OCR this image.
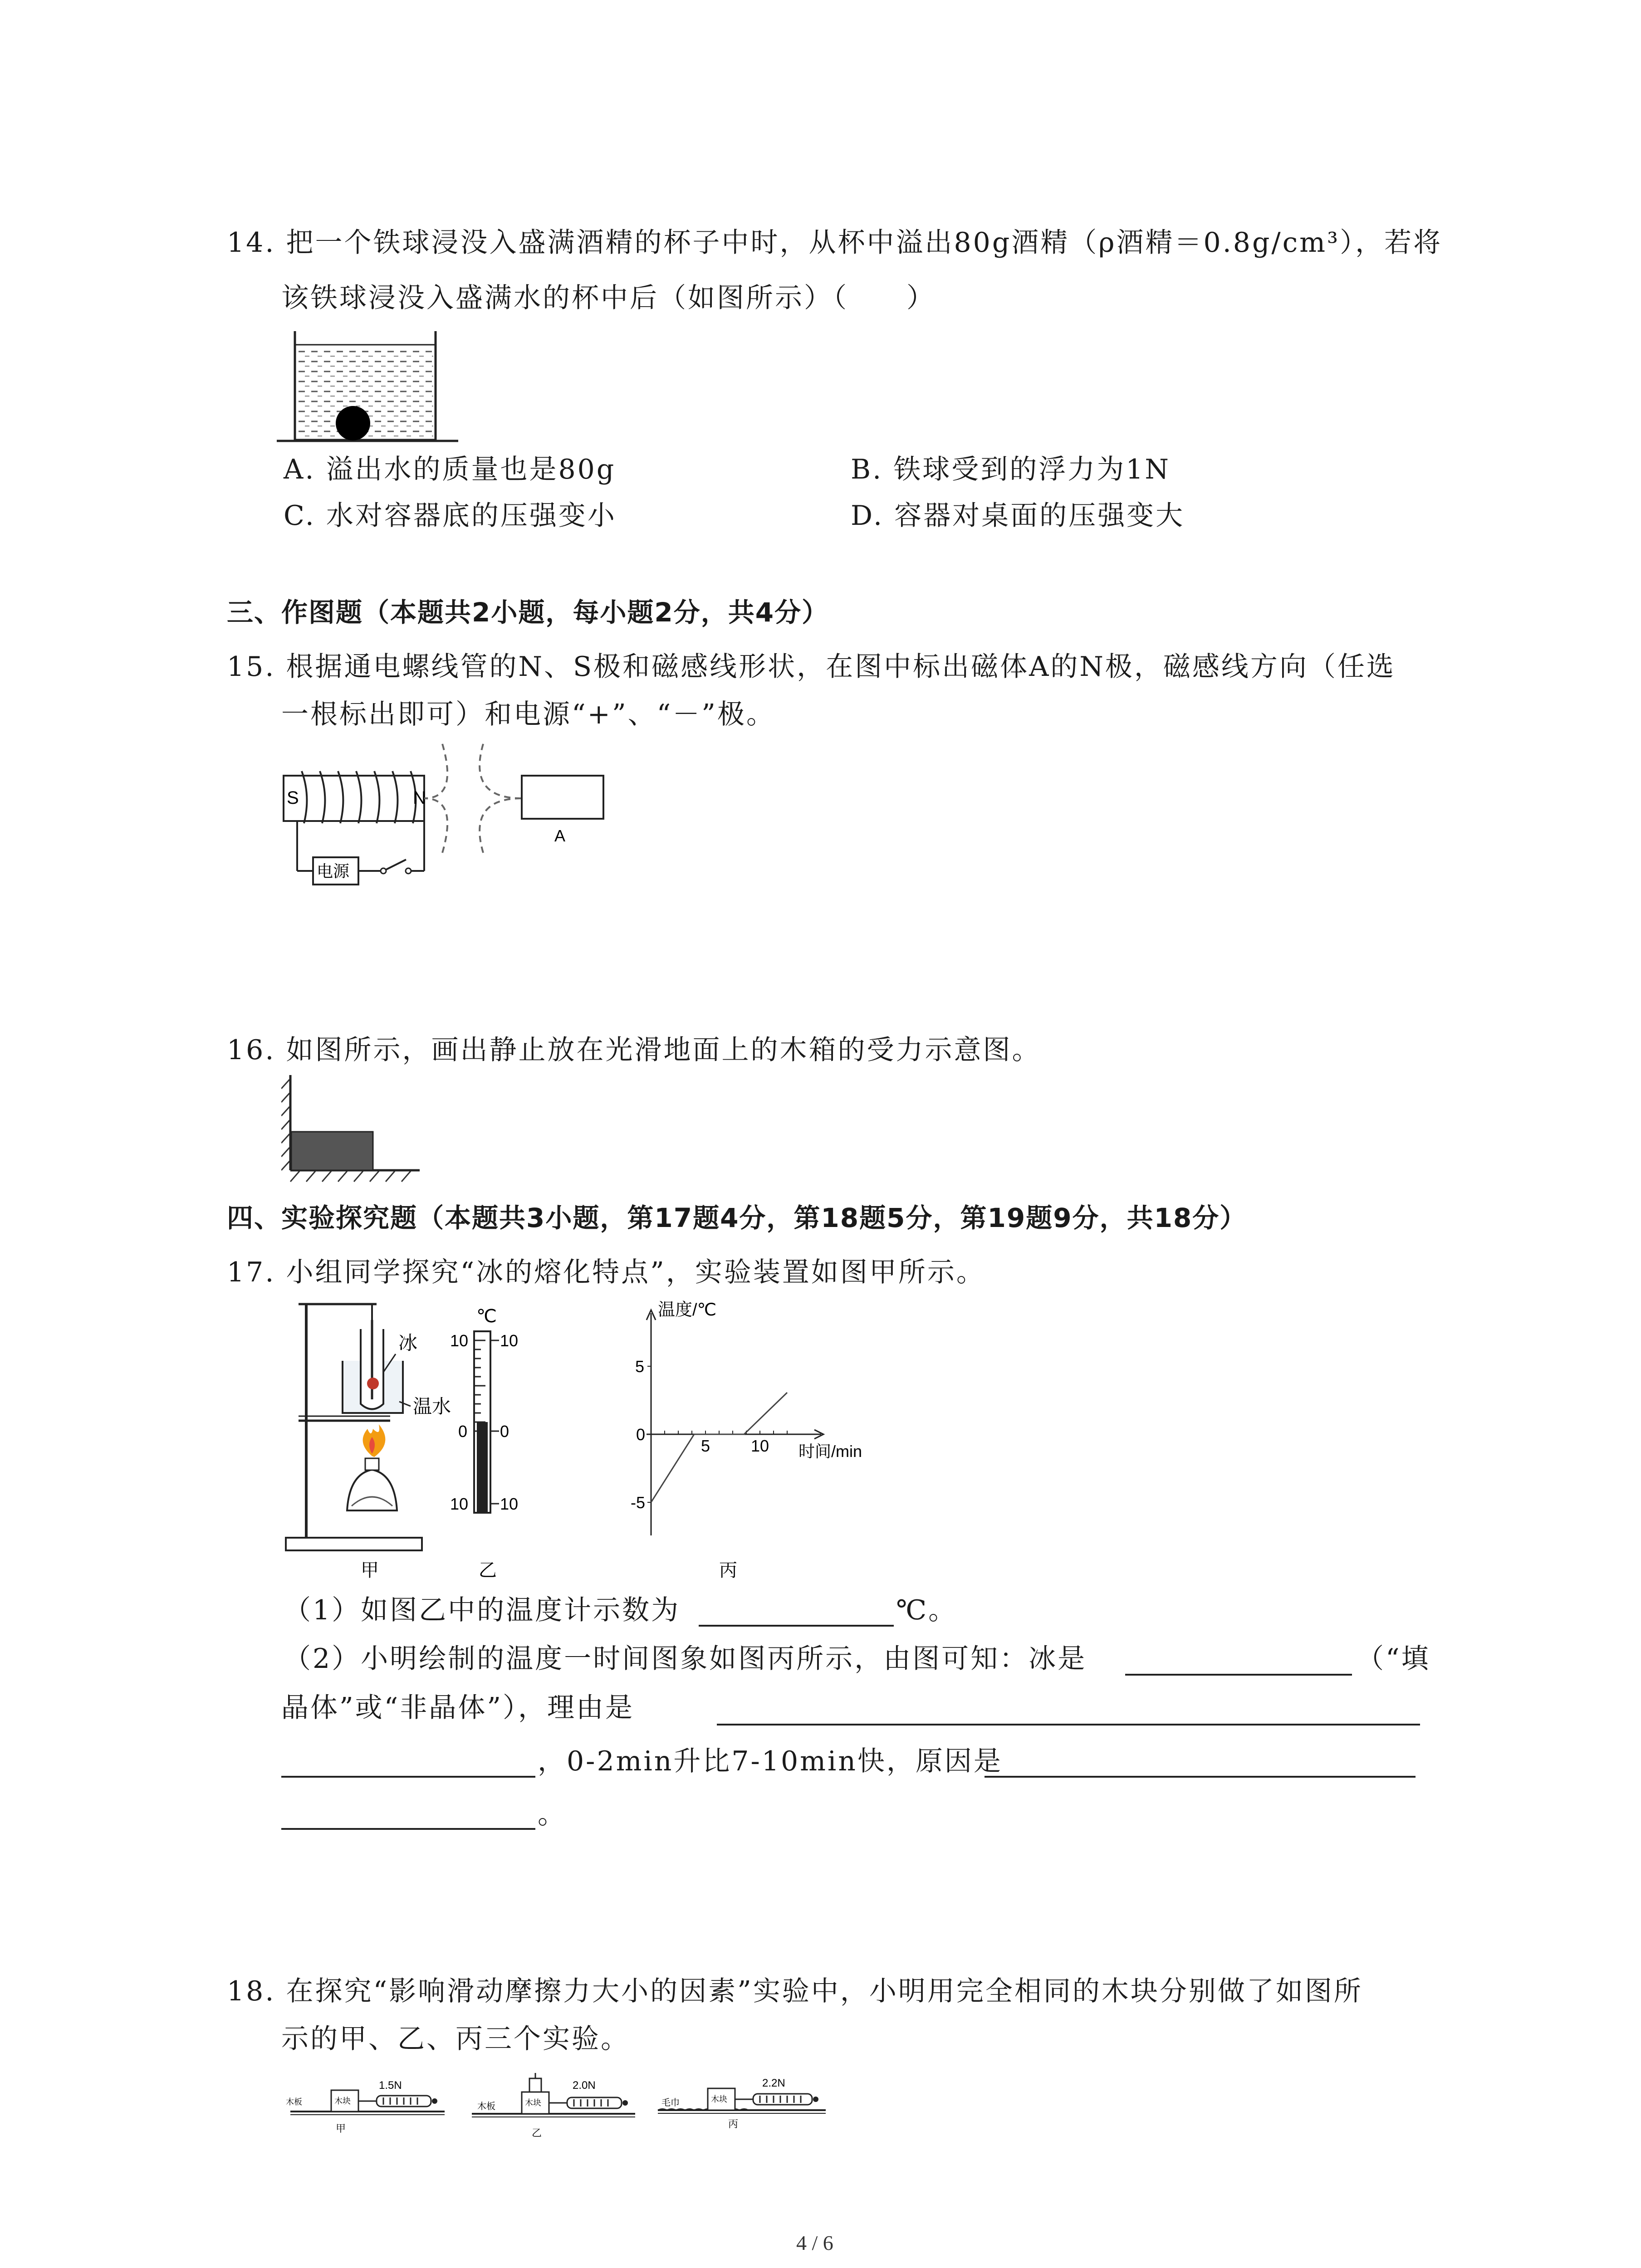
14. 把一个铁球浸没入盛满酒精的杯子中时，从杯中溢出80g酒精（ρ酒精＝0.8g/cm³），若将
该铁球浸没入盛满水的杯中后（如图所示）（　　）
A. 溢出水的质量也是80g	B. 铁球受到的浮力为1N
C. 水对容器底的压强变小	D. 容器对桌面的压强变大
三、作图题（本题共2小题，每小题2分，共4分）
15. 根据通电螺线管的N、S极和磁感线形状，在图中标出磁体A的N极，磁感线方向（任选
一根标出即可）和电源“+”、“－”极。
S	N
A
电源
16. 如图所示，画出静止放在光滑地面上的木箱的受力示意图。
四、实验探究题（本题共3小题，第17题4分，第18题5分，第19题9分，共18分）
17. 小组同学探究“冰的熔化特点”，实验装置如图甲所示。
冰
温水
℃
10
0
10
10
0
10
温度/℃
时间/min
5
0
-5
5 10
甲	乙	丙
（1）如图乙中的温度计示数为	℃。
（2）小明绘制的温度一时间图象如图丙所示，由图可知：冰是	（“填
晶体”或“非晶体”），理由是
，0-2min升比7-10min快，原因是
。
18. 在探究“影响滑动摩擦力大小的因素”实验中，小明用完全相同的木块分别做了如图所
示的甲、乙、丙三个实验。
1.5N
木板	木块
甲
2.0N
木板	木块
乙
2.2N
毛巾	木块
丙
4 / 6
